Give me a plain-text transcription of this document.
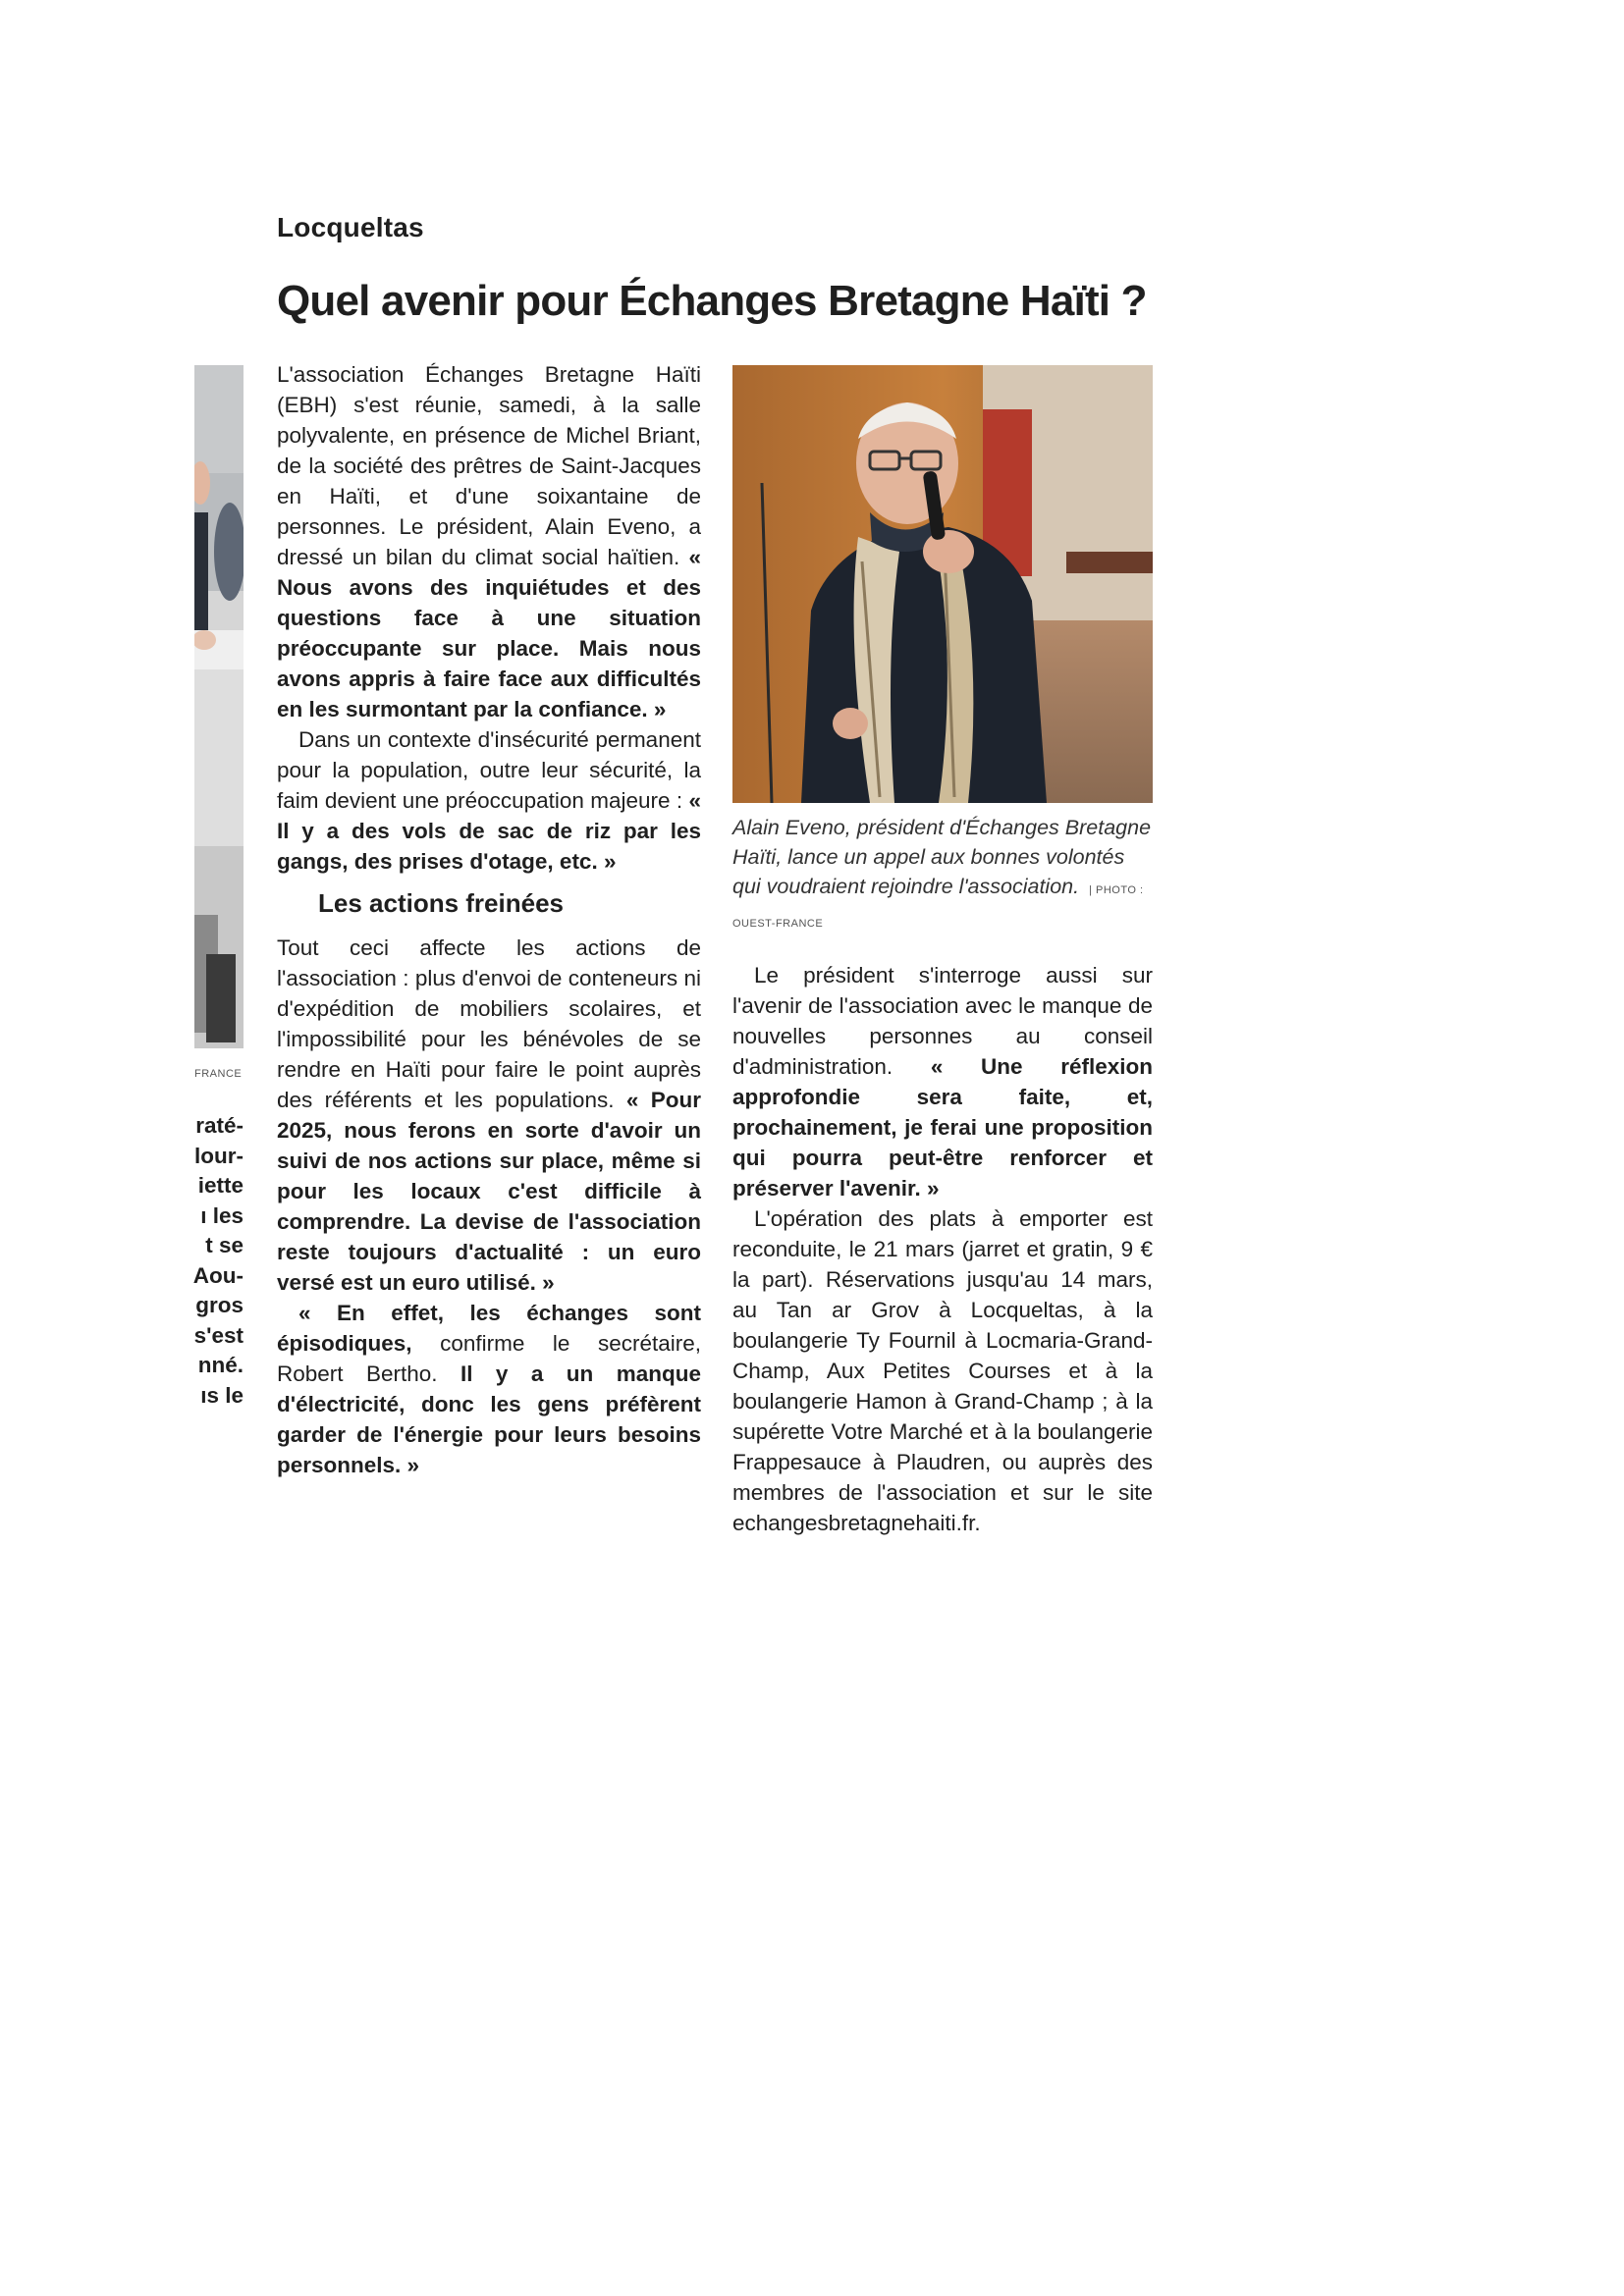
Locqueltas
Quel avenir pour Échanges Bretagne Haïti ?
FRANCE
raté-
lour-
iette
ı les
t se
Aou-
gros
s'est
nné.
ıs le

L'association Échanges Bretagne Haïti (EBH) s'est réunie, samedi, à la salle polyvalente, en présence de Michel Briant, de la société des prêtres de Saint-Jacques en Haïti, et d'une soixantaine de personnes. Le président, Alain Eveno, a dressé un bilan du climat social haïtien. « Nous avons des inquiétudes et des questions face à une situation préoccupante sur place. Mais nous avons appris à faire face aux difficultés en les surmontant par la confiance. »

Dans un contexte d'insécurité permanent pour la population, outre leur sécurité, la faim devient une préoccupation majeure : « Il y a des vols de sac de riz par les gangs, des prises d'otage, etc. »

Les actions freinées

Tout ceci affecte les actions de l'association : plus d'envoi de conteneurs ni d'expédition de mobiliers scolaires, et l'impossibilité pour les bénévoles de se rendre en Haïti pour faire le point auprès des référents et les populations. « Pour 2025, nous ferons en sorte d'avoir un suivi de nos actions sur place, même si pour les locaux c'est difficile à comprendre. La devise de l'association reste toujours d'actualité : un euro versé est un euro utilisé. »

« En effet, les échanges sont épisodiques, confirme le secrétaire, Robert Bertho. Il y a un manque d'électricité, donc les gens préfèrent garder de l'énergie pour leurs besoins personnels. »

Alain Eveno, président d'Échanges Bretagne Haïti, lance un appel aux bonnes volontés qui voudraient rejoindre l'association. | PHOTO : OUEST-FRANCE

Le président s'interroge aussi sur l'avenir de l'association avec le manque de nouvelles personnes au conseil d'administration. « Une réflexion approfondie sera faite, et, prochainement, je ferai une proposition qui pourra peut-être renforcer et préserver l'avenir. »

L'opération des plats à emporter est reconduite, le 21 mars (jarret et gratin, 9 € la part). Réservations jusqu'au 14 mars, au Tan ar Grov à Locqueltas, à la boulangerie Ty Fournil à Locmaria-Grand-Champ, Aux Petites Courses et à la boulangerie Hamon à Grand-Champ ; à la supérette Votre Marché et à la boulangerie Frappesauce à Plaudren, ou auprès des membres de l'association et sur le site echangesbretagnehaiti.fr.
